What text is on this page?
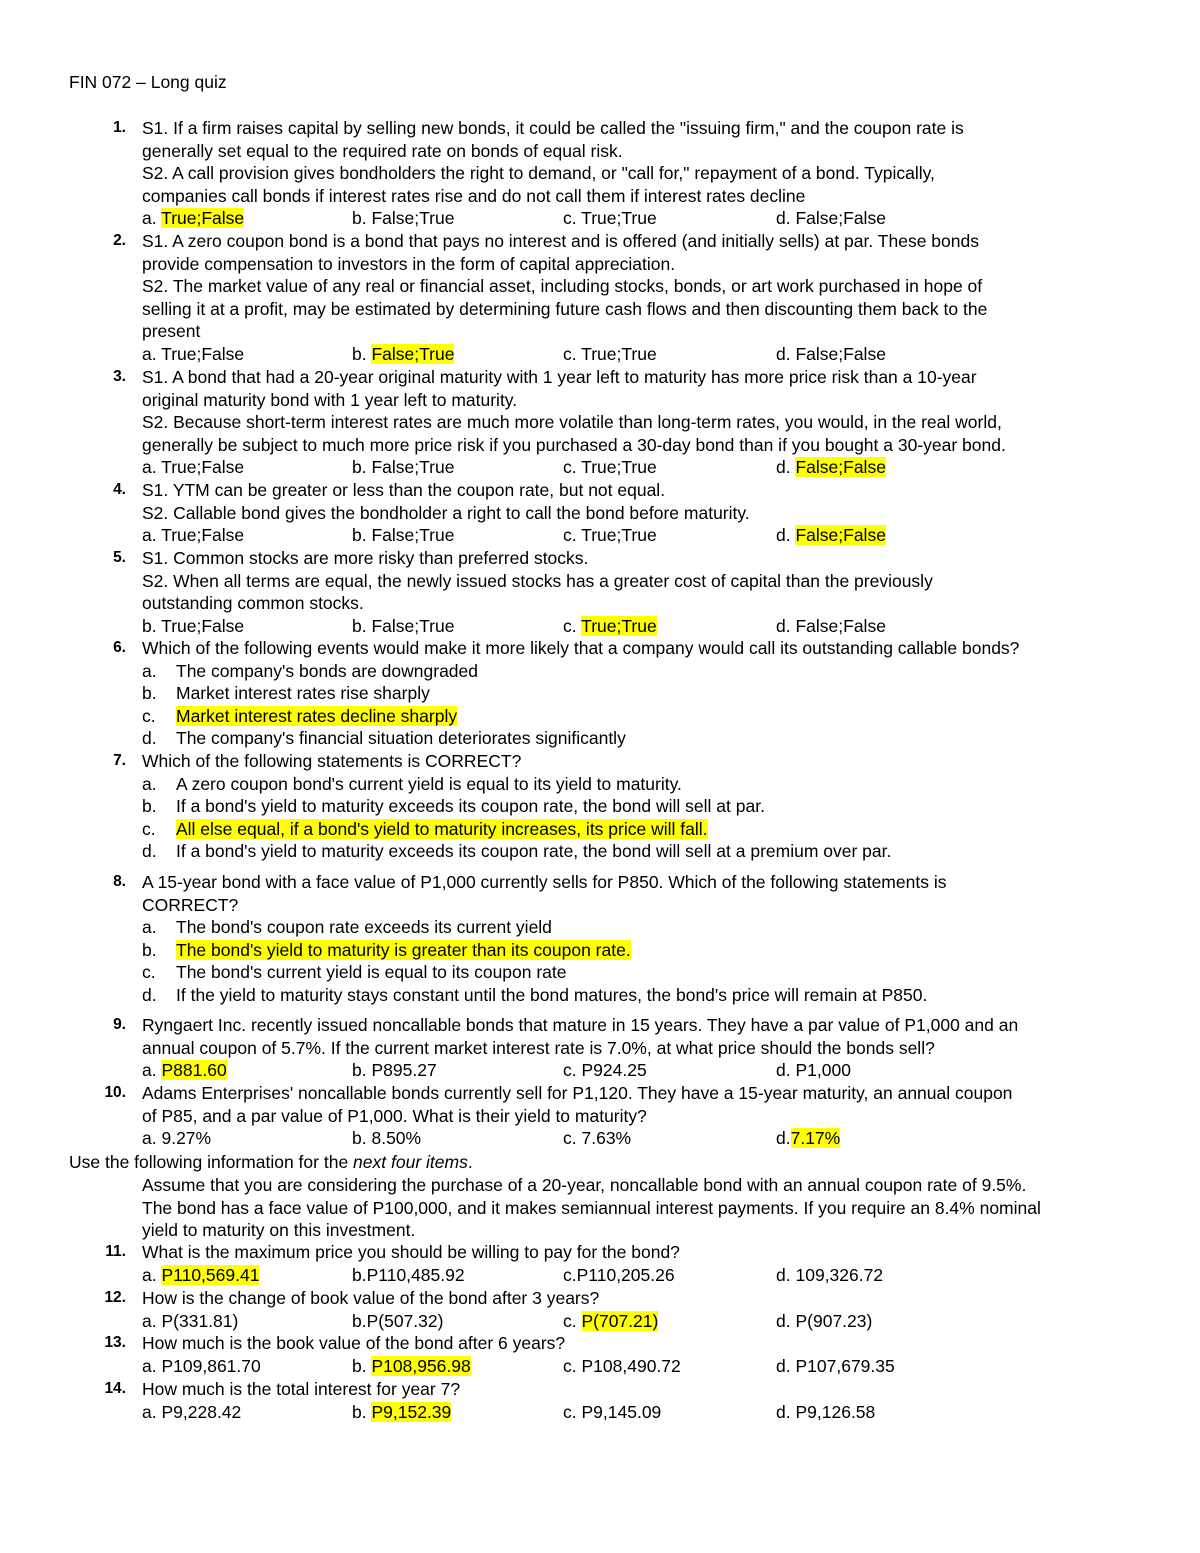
FIN 072 – Long quiz
1. S1. If a firm raises capital by selling new bonds, it could be called the "issuing firm," and the coupon rate is
generally set equal to the required rate on bonds of equal risk.
S2. A call provision gives bondholders the right to demand, or "call for," repayment of a bond. Typically,
companies call bonds if interest rates rise and do not call them if interest rates decline
a. True;False	b. False;True	c. True;True	d. False;False
2. S1. A zero coupon bond is a bond that pays no interest and is offered (and initially sells) at par. These bonds
provide compensation to investors in the form of capital appreciation.
S2. The market value of any real or financial asset, including stocks, bonds, or art work purchased in hope of
selling it at a profit, may be estimated by determining future cash flows and then discounting them back to the
present
a. True;False	b. False;True	c. True;True	d. False;False
3. S1. A bond that had a 20-year original maturity with 1 year left to maturity has more price risk than a 10-year
original maturity bond with 1 year left to maturity.
S2. Because short-term interest rates are much more volatile than long-term rates, you would, in the real world,
generally be subject to much more price risk if you purchased a 30-day bond than if you bought a 30-year bond.
a. True;False	b. False;True	c. True;True	d. False;False
4. S1. YTM can be greater or less than the coupon rate, but not equal.
S2. Callable bond gives the bondholder a right to call the bond before maturity.
a. True;False	b. False;True	c. True;True	d. False;False
5. S1. Common stocks are more risky than preferred stocks.
S2. When all terms are equal, the newly issued stocks has a greater cost of capital than the previously
outstanding common stocks.
b. True;False	b. False;True	c. True;True	d. False;False
6. Which of the following events would make it more likely that a company would call its outstanding callable bonds?
a. The company's bonds are downgraded
b. Market interest rates rise sharply
c. Market interest rates decline sharply
d. The company's financial situation deteriorates significantly
7. Which of the following statements is CORRECT?
a. A zero coupon bond's current yield is equal to its yield to maturity.
b. If a bond's yield to maturity exceeds its coupon rate, the bond will sell at par.
c. All else equal, if a bond's yield to maturity increases, its price will fall.
d. If a bond's yield to maturity exceeds its coupon rate, the bond will sell at a premium over par.
8. A 15-year bond with a face value of P1,000 currently sells for P850. Which of the following statements is
CORRECT?
a. The bond's coupon rate exceeds its current yield
b. The bond's yield to maturity is greater than its coupon rate.
c. The bond's current yield is equal to its coupon rate
d. If the yield to maturity stays constant until the bond matures, the bond's price will remain at P850.
9. Ryngaert Inc. recently issued noncallable bonds that mature in 15 years. They have a par value of P1,000 and an
annual coupon of 5.7%. If the current market interest rate is 7.0%, at what price should the bonds sell?
a. P881.60	b. P895.27	c. P924.25	d. P1,000
10. Adams Enterprises' noncallable bonds currently sell for P1,120. They have a 15-year maturity, an annual coupon
of P85, and a par value of P1,000. What is their yield to maturity?
a. 9.27%	b. 8.50%	c. 7.63%	d.7.17%
Use the following information for the next four items.
Assume that you are considering the purchase of a 20-year, noncallable bond with an annual coupon rate of 9.5%.
The bond has a face value of P100,000, and it makes semiannual interest payments. If you require an 8.4% nominal
yield to maturity on this investment.
11. What is the maximum price you should be willing to pay for the bond?
a. P110,569.41	b.P110,485.92	c.P110,205.26	d. 109,326.72
12. How is the change of book value of the bond after 3 years?
a. P(331.81)	b.P(507.32)	c. P(707.21)	d. P(907.23)
13. How much is the book value of the bond after 6 years?
a. P109,861.70	b. P108,956.98	c. P108,490.72	d. P107,679.35
14. How much is the total interest for year 7?
a. P9,228.42	b. P9,152.39	c. P9,145.09	d. P9,126.58
